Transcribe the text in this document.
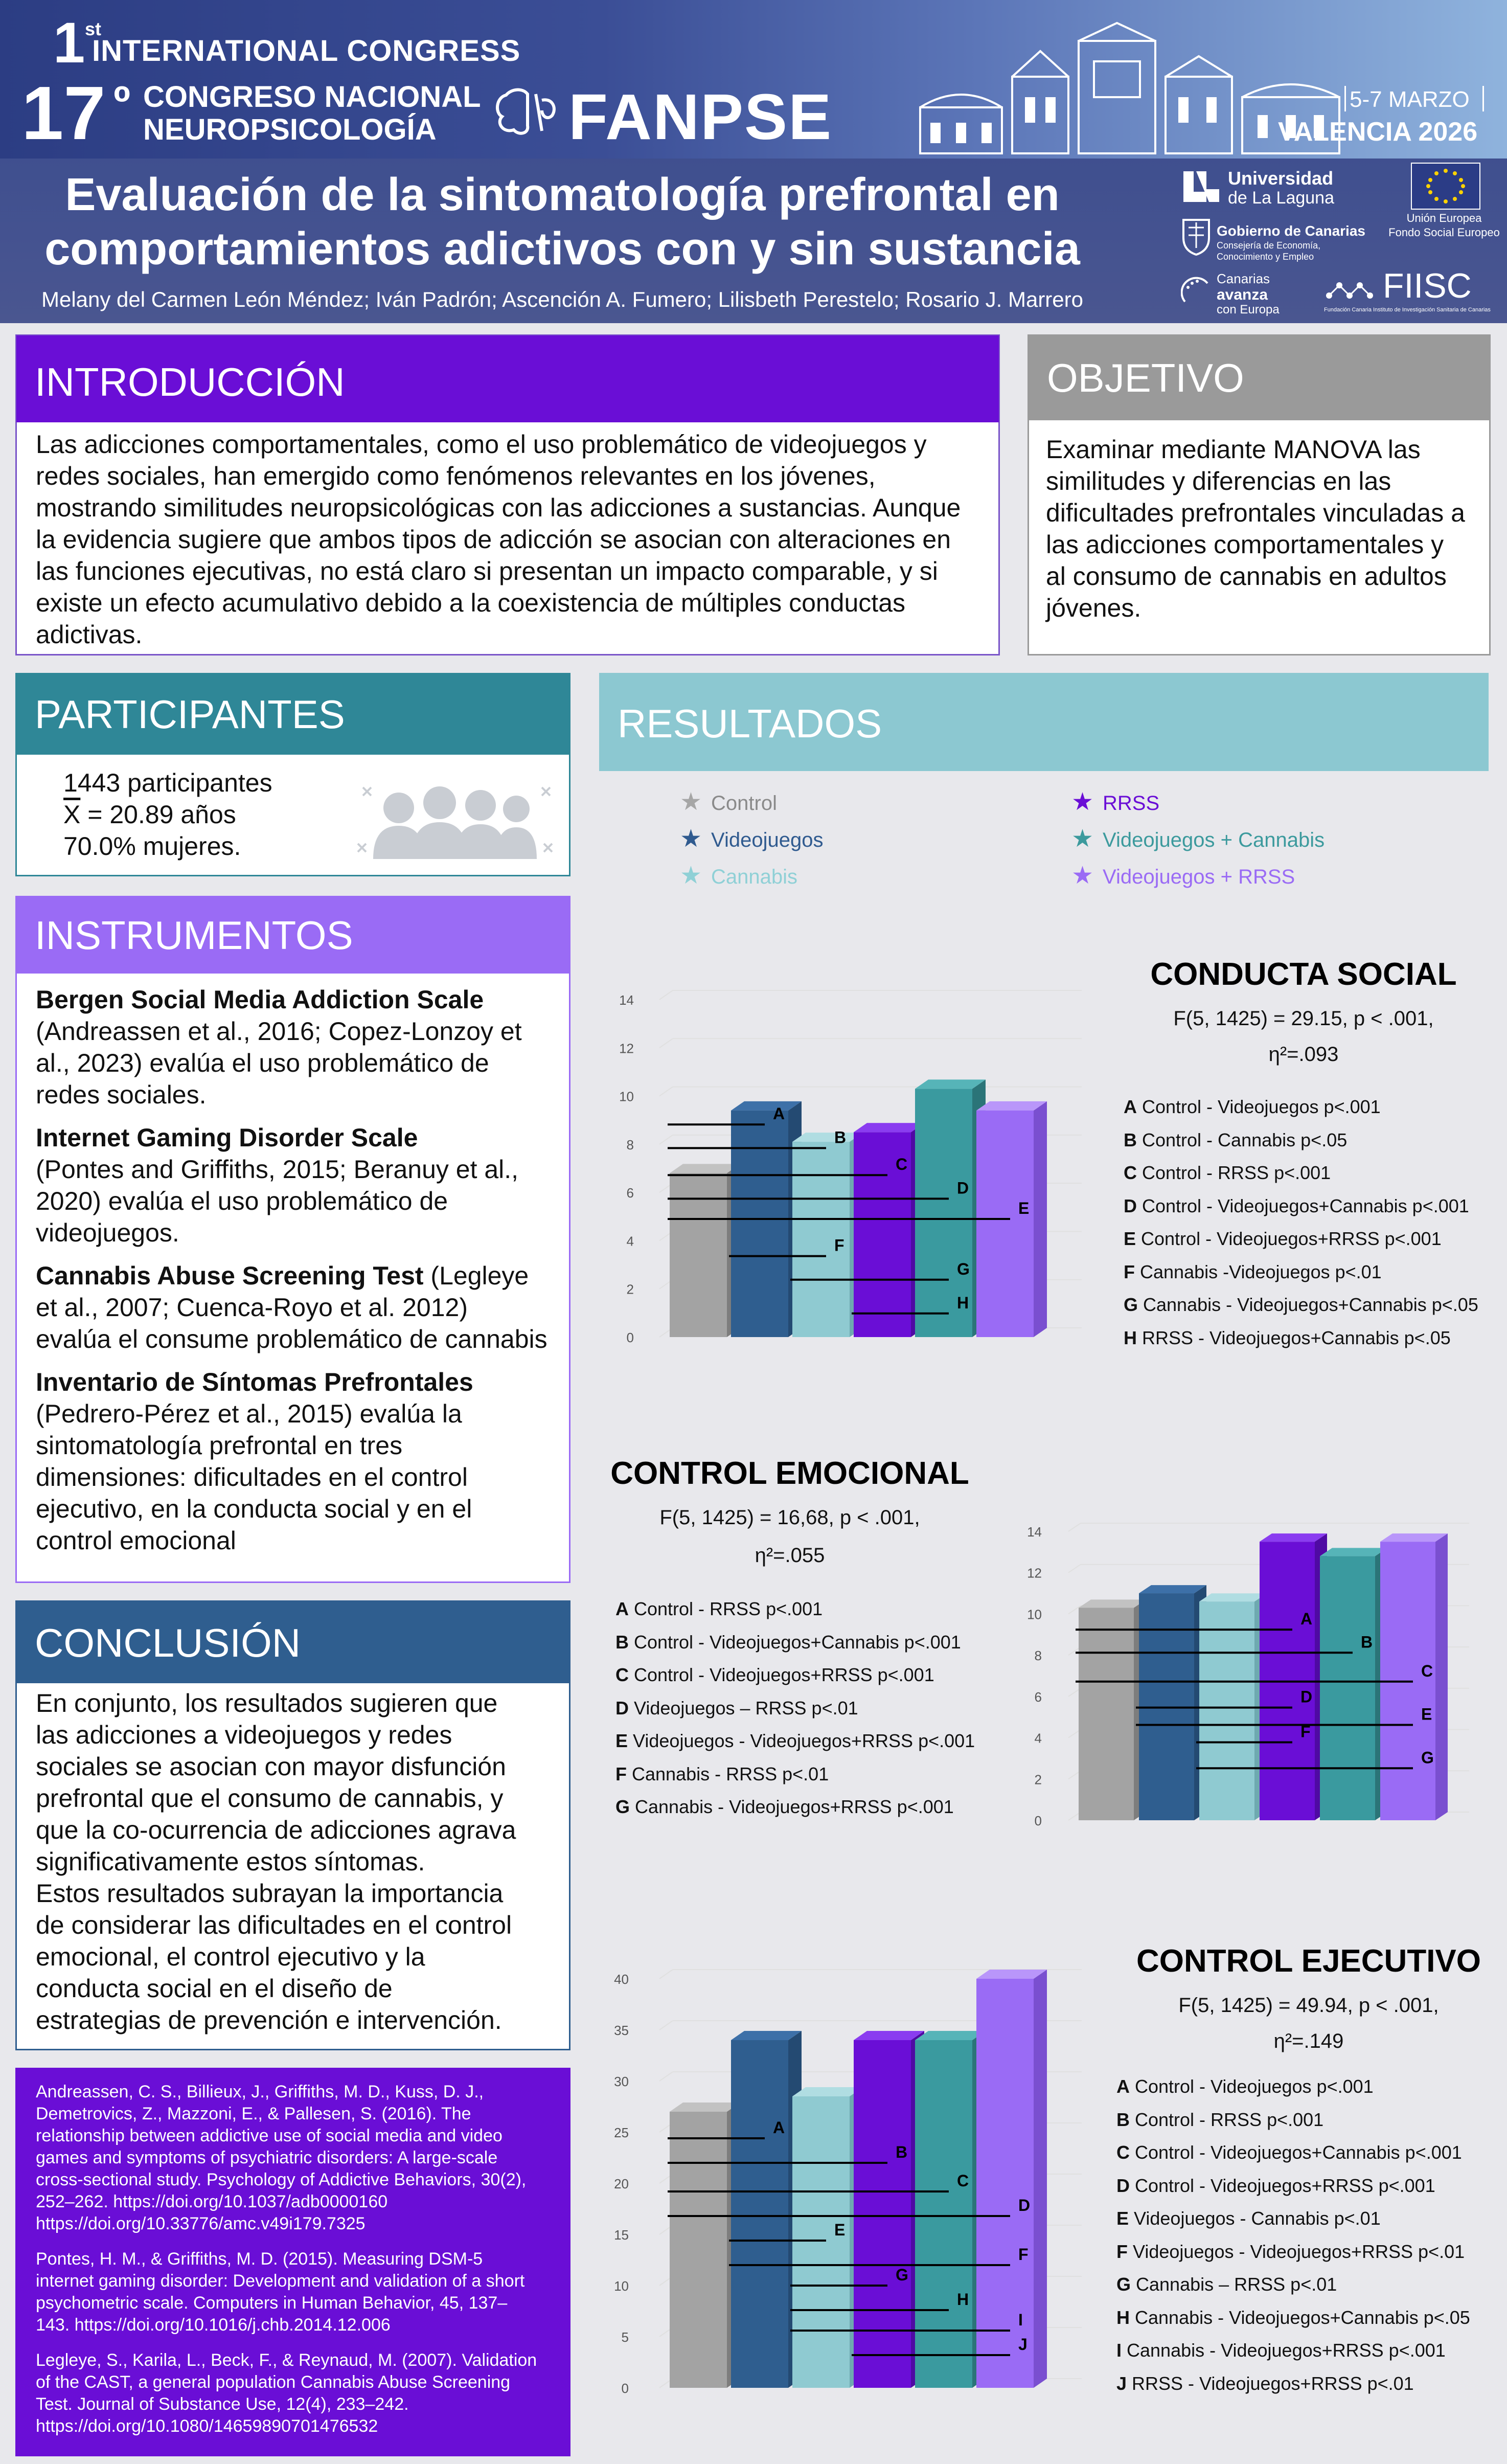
1 st
INTERNATIONAL CONGRESS
17 º CONGRESO NACIONAL
NEUROPSICOLOGÍA FANPSE	5-7 MARZO
VALENCIA 2026
Evaluación de la sintomatología prefrontal en
comportamientos adictivos con y sin sustancia
Melany del Carmen León Méndez; Iván Padrón; Ascención A. Fumero; Lilisbeth Perestelo; Rosario J. Marrero
Universidad
de La Laguna
Unión Europea
Fondo Social Europeo
Gobierno de Canarias
Consejería de Economía,
Conocimiento y Empleo
Canarias
avanza
con Europa
FIISC
Fundación Canaria Instituto de Investigación Sanitaria de Canarias
INTRODUCCIÓN
Las adicciones comportamentales, como el uso problemático de videojuegos y
redes sociales, han emergido como fenómenos relevantes en los jóvenes,
mostrando similitudes neuropsicológicas con las adicciones a sustancias. Aunque
la evidencia sugiere que ambos tipos de adicción se asocian con alteraciones en
las funciones ejecutivas, no está claro si presentan un impacto comparable, y si
existe un efecto acumulativo debido a la coexistencia de múltiples conductas
adictivas.
OBJETIVO
Examinar mediante MANOVA las
similitudes y diferencias en las
dificultades prefrontales vinculadas a
las adicciones comportamentales y
al consumo de cannabis en adultos
jóvenes.
PARTICIPANTES
1443 participantes
$\overline{X} = 20.89$ años
70.0% mujeres.
INSTRUMENTOS
Bergen Social Media Addiction Scale
(Andreassen et al., 2016; Copez-Lonzoy et
al., 2023) evalúa el uso problemático de
redes sociales.
Internet Gaming Disorder Scale
(Pontes and Griffiths, 2015; Beranuy et al.,
2020) evalúa el uso problemático de
videojuegos.
Cannabis Abuse Screening Test (Legleye
et al., 2007; Cuenca-Royo et al. 2012)
evalúa el consume problemático de cannabis
Inventario de Síntomas Prefrontales
(Pedrero-Pérez et al., 2015) evalúa la
sintomatología prefrontal en tres
dimensiones: dificultades en el control
ejecutivo, en la conducta social y en el
control emocional
CONCLUSIÓN
En conjunto, los resultados sugieren que
las adicciones a videojuegos y redes
sociales se asocian con mayor disfunción
prefrontal que el consumo de cannabis, y
que la co-ocurrencia de adicciones agrava
significativamente estos síntomas.
Estos resultados subrayan la importancia
de considerar las dificultades en el control
emocional, el control ejecutivo y la
conducta social en el diseño de
estrategias de prevención e intervención.
Andreassen, C. S., Billieux, J., Griffiths, M. D., Kuss, D. J.,
Demetrovics, Z., Mazzoni, E., & Pallesen, S. (2016). The
relationship between addictive use of social media and video
games and symptoms of psychiatric disorders: A large-scale
cross-sectional study. Psychology of Addictive Behaviors, 30(2),
252–262. https://doi.org/10.1037/adb0000160
https://doi.org/10.33776/amc.v49i179.7325
Pontes, H. M., & Griffiths, M. D. (2015). Measuring DSM-5
internet gaming disorder: Development and validation of a short
psychometric scale. Computers in Human Behavior, 45, 137–
143. https://doi.org/10.1016/j.chb.2014.12.006
Legleye, S., Karila, L., Beck, F., & Reynaud, M. (2007). Validation
of the CAST, a general population Cannabis Abuse Screening
Test. Journal of Substance Use, 12(4), 233–242.
https://doi.org/10.1080/14659890701476532
RESULTADOS
★ Control	★ RRSS
★ Videojuegos	★ Videojuegos + Cannabis
★ Cannabis	★ Videojuegos + RRSS
0
2
4
6
8
10
12
14
A
B
C
D
E
F
G
H
CONDUCTA SOCIAL
F(5, 1425) = 29.15, p < .001,
η²=.093
A Control - Videojuegos p<.001
B Control - Cannabis p<.05
C Control - RRSS p<.001
D Control - Videojuegos+Cannabis p<.001
E Control - Videojuegos+RRSS p<.001
F Cannabis -Videojuegos p<.01
G Cannabis - Videojuegos+Cannabis p<.05
H RRSS - Videojuegos+Cannabis p<.05
CONTROL EMOCIONAL
F(5, 1425) = 16,68, p < .001,
η²=.055
A Control - RRSS p<.001
B Control - Videojuegos+Cannabis p<.001
C Control - Videojuegos+RRSS p<.001
D Videojuegos – RRSS p<.01
E Videojuegos - Videojuegos+RRSS p<.001
F Cannabis - RRSS p<.01
G Cannabis - Videojuegos+RRSS p<.001
0
2
4
6
8
10
12
14
A
B
C
D
E
F
G
0
5
10
15
20
25
30
35
40
A
B
C
D
E
F
G
H
I
J
CONTROL EJECUTIVO
F(5, 1425) = 49.94, p < .001,
η²=.149
A Control - Videojuegos p<.001
B Control - RRSS p<.001
C Control - Videojuegos+Cannabis p<.001
D Control - Videojuegos+RRSS p<.001
E Videojuegos - Cannabis p<.01
F Videojuegos - Videojuegos+RRSS p<.01
G Cannabis – RRSS p<.01
H Cannabis - Videojuegos+Cannabis p<.05
I Cannabis - Videojuegos+RRSS p<.001
J RRSS - Videojuegos+RRSS p<.01
